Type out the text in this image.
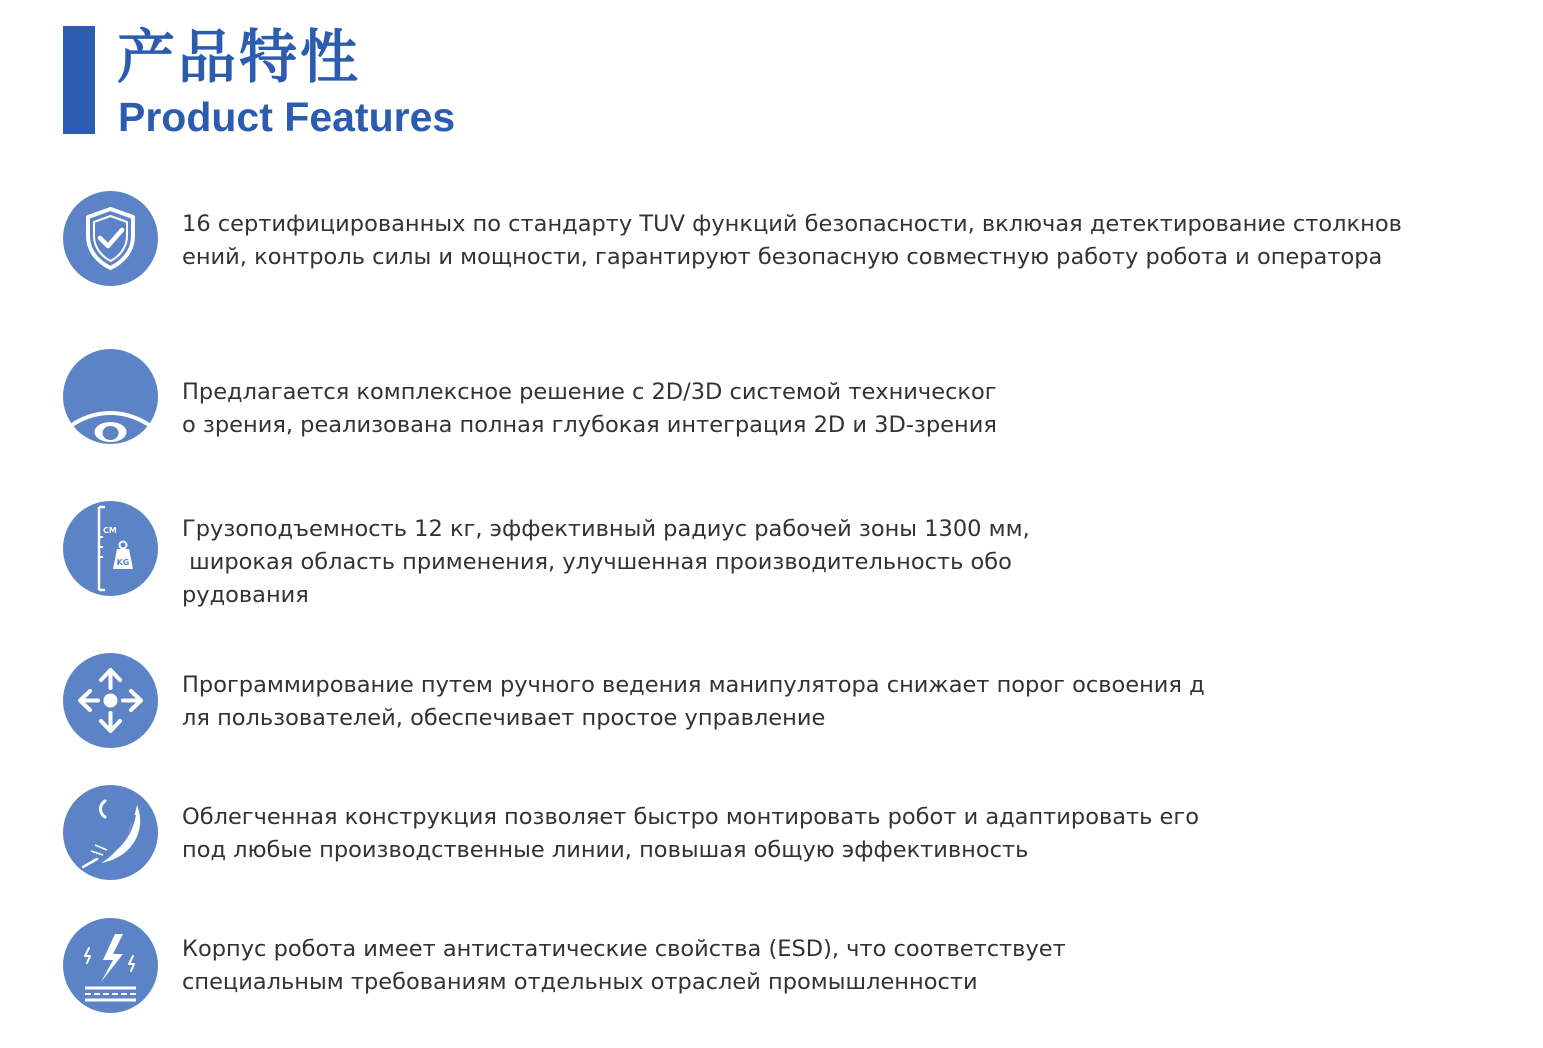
产品特性
Product Features
16 сертифицированных по стандарту TUV функций безопасности, включая детектирование столкнов
ений, контроль силы и мощности, гарантируют безопасную совместную работу робота и оператора
Предлагается комплексное решение с 2D/3D системой техническог
о зрения, реализована полная глубокая интеграция 2D и 3D-зрения
CM
KG
Грузоподъемность 12 кг, эффективный радиус рабочей зоны 1300 мм,
широкая область применения, улучшенная производительность обо
рудования
Программирование путем ручного ведения манипулятора снижает порог освоения д
ля пользователей, обеспечивает простое управление
Облегченная конструкция позволяет быстро монтировать робот и адаптировать его
под любые производственные линии, повышая общую эффективность
Корпус робота имеет антистатические свойства (ESD), что соответствует
специальным требованиям отдельных отраслей промышленности
